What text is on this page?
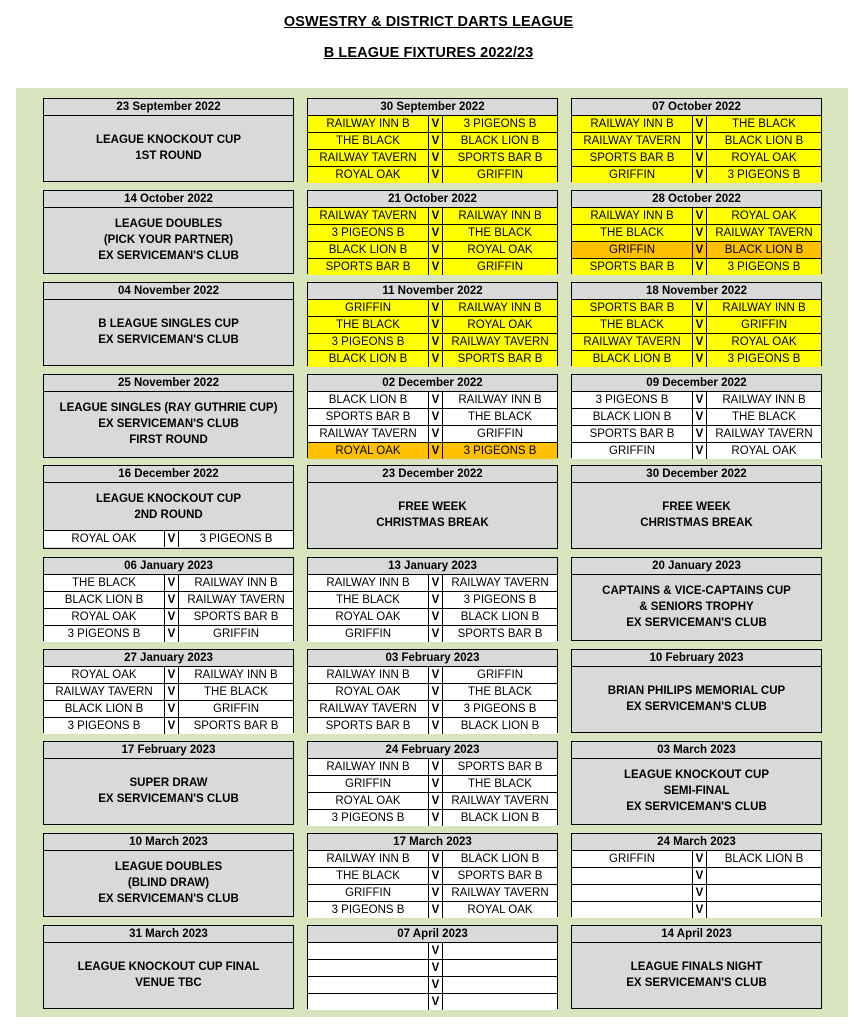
OSWESTRY & DISTRICT DARTS LEAGUE
B LEAGUE FIXTURES 2022/23
23 September 2022
LEAGUE KNOCKOUT CUP
1ST ROUND
30 September 2022
RAILWAY INN B	V	3 PIGEONS B
THE BLACK	V	BLACK LION B
RAILWAY TAVERN	V	SPORTS BAR B
ROYAL OAK	V	GRIFFIN
07 October 2022
RAILWAY INN B	V	THE BLACK
RAILWAY TAVERN	V	BLACK LION B
SPORTS BAR B	V	ROYAL OAK
GRIFFIN	V	3 PIGEONS B
14 October 2022
LEAGUE DOUBLES
(PICK YOUR PARTNER)
EX SERVICEMAN'S CLUB
21 October 2022
RAILWAY TAVERN	V	RAILWAY INN B
3 PIGEONS B	V	THE BLACK
BLACK LION B	V	ROYAL OAK
SPORTS BAR B	V	GRIFFIN
28 October 2022
RAILWAY INN B	V	ROYAL OAK
THE BLACK	V	RAILWAY TAVERN
GRIFFIN	V	BLACK LION B
SPORTS BAR B	V	3 PIGEONS B
04 November 2022
B LEAGUE SINGLES CUP
EX SERVICEMAN'S CLUB
11 November 2022
GRIFFIN	V	RAILWAY INN B
THE BLACK	V	ROYAL OAK
3 PIGEONS B	V	RAILWAY TAVERN
BLACK LION B	V	SPORTS BAR B
18 November 2022
SPORTS BAR B	V	RAILWAY INN B
THE BLACK	V	GRIFFIN
RAILWAY TAVERN	V	ROYAL OAK
BLACK LION B	V	3 PIGEONS B
25 November 2022
LEAGUE SINGLES (RAY GUTHRIE CUP)
EX SERVICEMAN'S CLUB
FIRST ROUND
02 December 2022
BLACK LION B	V	RAILWAY INN B
SPORTS BAR B	V	THE BLACK
RAILWAY TAVERN	V	GRIFFIN
ROYAL OAK	V	3 PIGEONS B
09 December 2022
3 PIGEONS B	V	RAILWAY INN B
BLACK LION B	V	THE BLACK
SPORTS BAR B	V	RAILWAY TAVERN
GRIFFIN	V	ROYAL OAK
16 December 2022
LEAGUE KNOCKOUT CUP
2ND ROUND
ROYAL OAK	V	3 PIGEONS B
23 December 2022
FREE WEEK
CHRISTMAS BREAK
30 December 2022
FREE WEEK
CHRISTMAS BREAK
06 January 2023
THE BLACK	V	RAILWAY INN B
BLACK LION B	V	RAILWAY TAVERN
ROYAL OAK	V	SPORTS BAR B
3 PIGEONS B	V	GRIFFIN
13 January 2023
RAILWAY INN B	V	RAILWAY TAVERN
THE BLACK	V	3 PIGEONS B
ROYAL OAK	V	BLACK LION B
GRIFFIN	V	SPORTS BAR B
20 January 2023
CAPTAINS & VICE-CAPTAINS CUP
& SENIORS TROPHY
EX SERVICEMAN'S CLUB
27 January 2023
ROYAL OAK	V	RAILWAY INN B
RAILWAY TAVERN	V	THE BLACK
BLACK LION B	V	GRIFFIN
3 PIGEONS B	V	SPORTS BAR B
03 February 2023
RAILWAY INN B	V	GRIFFIN
ROYAL OAK	V	THE BLACK
RAILWAY TAVERN	V	3 PIGEONS B
SPORTS BAR B	V	BLACK LION B
10 February 2023
BRIAN PHILIPS MEMORIAL CUP
EX SERVICEMAN'S CLUB
17 February 2023
SUPER DRAW
EX SERVICEMAN'S CLUB
24 February 2023
RAILWAY INN B	V	SPORTS BAR B
GRIFFIN	V	THE BLACK
ROYAL OAK	V	RAILWAY TAVERN
3 PIGEONS B	V	BLACK LION B
03 March 2023
LEAGUE KNOCKOUT CUP
SEMI-FINAL
EX SERVICEMAN'S CLUB
10 March 2023
LEAGUE DOUBLES
(BLIND DRAW)
EX SERVICEMAN'S CLUB
17 March 2023
RAILWAY INN B	V	BLACK LION B
THE BLACK	V	SPORTS BAR B
GRIFFIN	V	RAILWAY TAVERN
3 PIGEONS B	V	ROYAL OAK
24 March 2023
GRIFFIN	V	BLACK LION B
V
V
V
31 March 2023
LEAGUE KNOCKOUT CUP FINAL
VENUE TBC
07 April 2023
V
V
V
V
14 April 2023
LEAGUE FINALS NIGHT
EX SERVICEMAN'S CLUB
